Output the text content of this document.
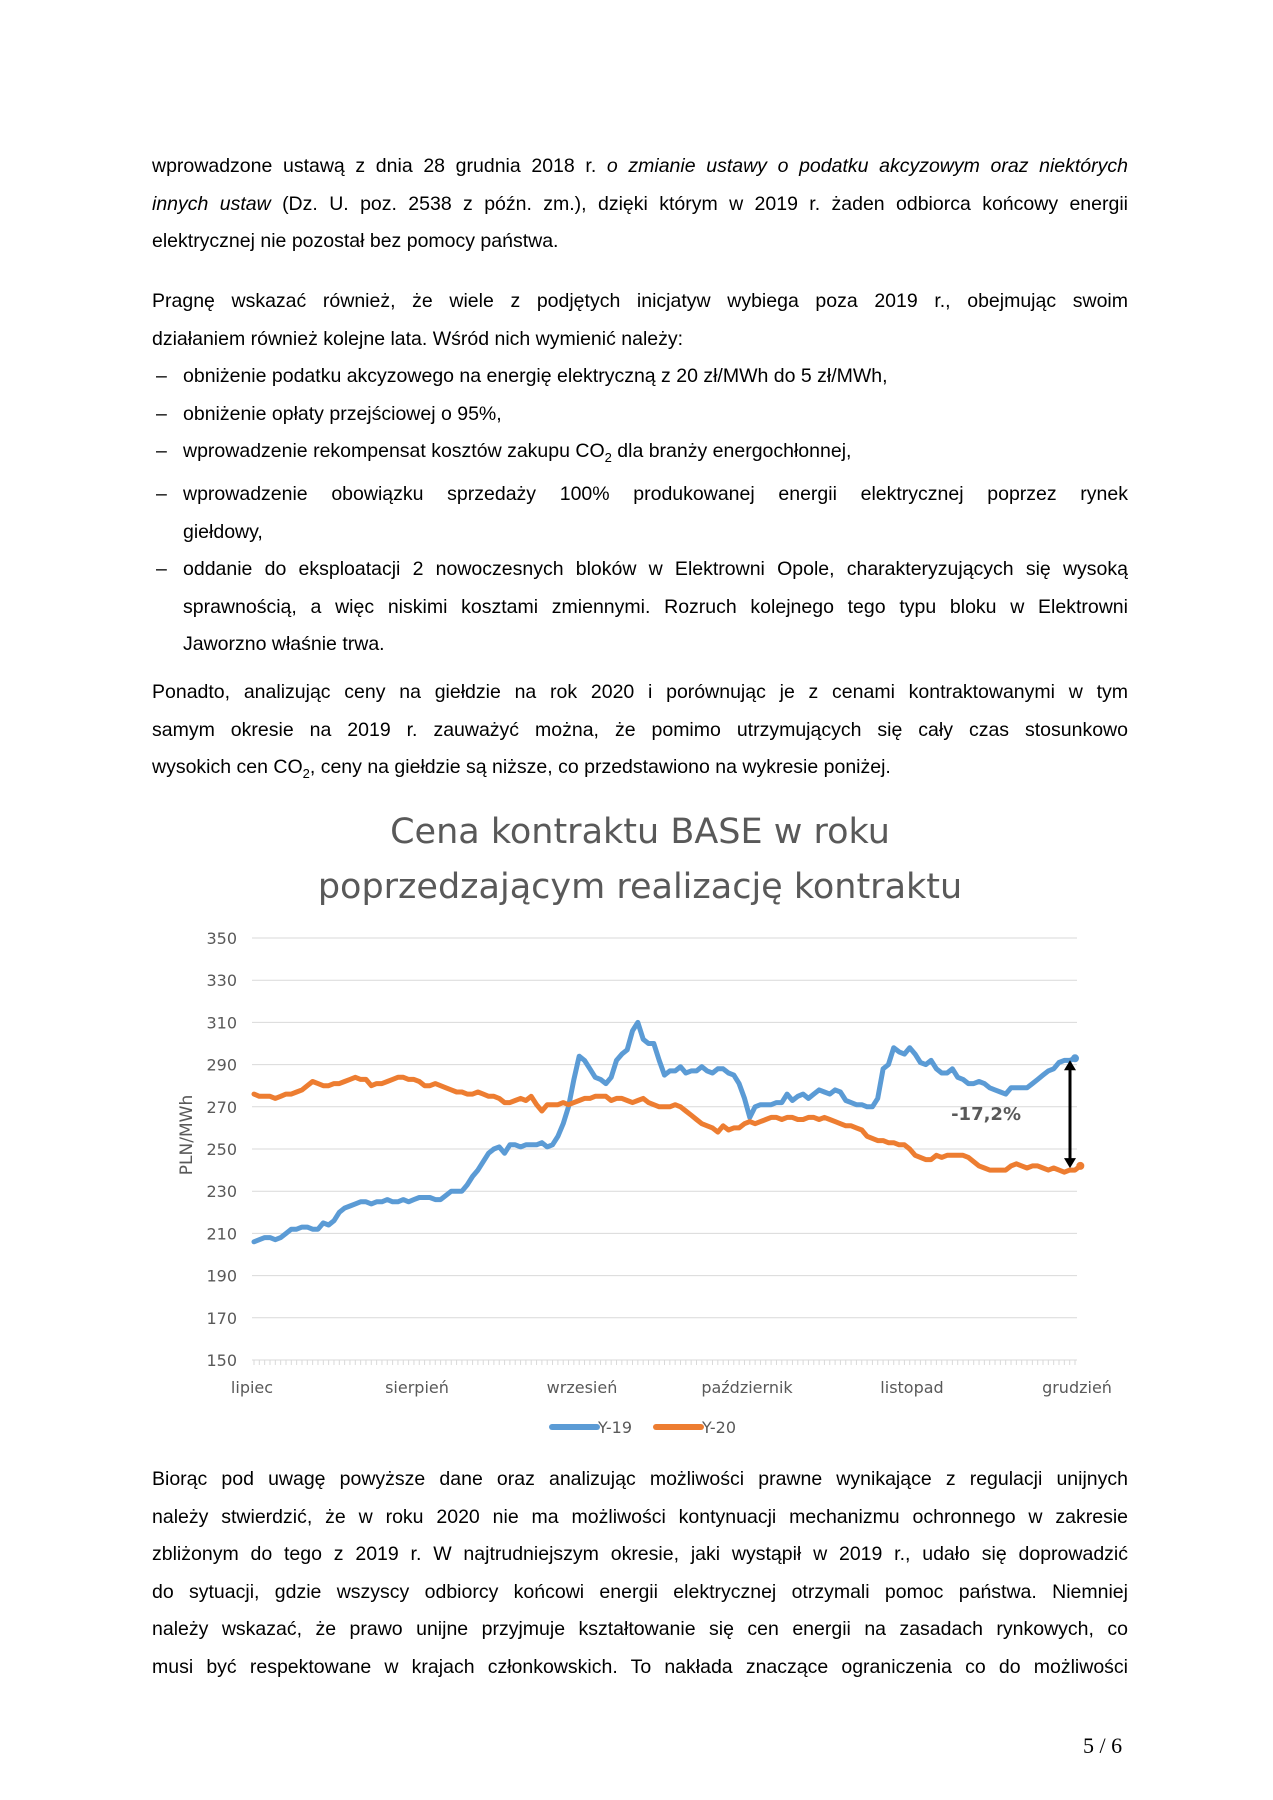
wprowadzone ustawą z dnia 28 grudnia 2018 r. o zmianie ustawy o podatku akcyzowym oraz niektórych

innych ustaw (Dz. U. poz. 2538 z późn. zm.), dzięki którym w 2019 r. żaden odbiorca końcowy energii

elektrycznej nie pozostał bez pomocy państwa.

Pragnę wskazać również, że wiele z podjętych inicjatyw wybiega poza 2019 r., obejmując swoim

działaniem również kolejne lata. Wśród nich wymienić należy:

– obniżenie podatku akcyzowego na energię elektryczną z 20 zł/MWh do 5 zł/MWh,
– obniżenie opłaty przejściowej o 95%,
– wprowadzenie rekompensat kosztów zakupu $CO_2$ dla branży energochłonnej,
– wprowadzenie obowiązku sprzedaży 100% produkowanej energii elektrycznej poprzez rynek
giełdowy,
– oddanie do eksploatacji 2 nowoczesnych bloków w Elektrowni Opole, charakteryzujących się wysoką
sprawnością, a więc niskimi kosztami zmiennymi. Rozruch kolejnego tego typu bloku w Elektrowni
Jaworzno właśnie trwa.

Ponadto, analizując ceny na giełdzie na rok 2020 i porównując je z cenami kontraktowanymi w tym

samym okresie na 2019 r. zauważyć można, że pomimo utrzymujących się cały czas stosunkowo

wysokich cen $CO_2$, ceny na giełdzie są niższe, co przedstawiono na wykresie poniżej.

Cena kontraktu BASE w roku
poprzedzającym realizację kontraktu
350
330
310
290
270
250
230
210
190
170
150
lipiec	sierpień	wrzesień	październik	listopad	grudzień
PLN/MWh	-17,2%
Y-19	Y-20

Biorąc pod uwagę powyższe dane oraz analizując możliwości prawne wynikające z regulacji unijnych

należy stwierdzić, że w roku 2020 nie ma możliwości kontynuacji mechanizmu ochronnego w zakresie

zbliżonym do tego z 2019 r. W najtrudniejszym okresie, jaki wystąpił w 2019 r., udało się doprowadzić

do sytuacji, gdzie wszyscy odbiorcy końcowi energii elektrycznej otrzymali pomoc państwa. Niemniej

należy wskazać, że prawo unijne przyjmuje kształtowanie się cen energii na zasadach rynkowych, co

musi być respektowane w krajach członkowskich. To nakłada znaczące ograniczenia co do możliwości

5 / 6
